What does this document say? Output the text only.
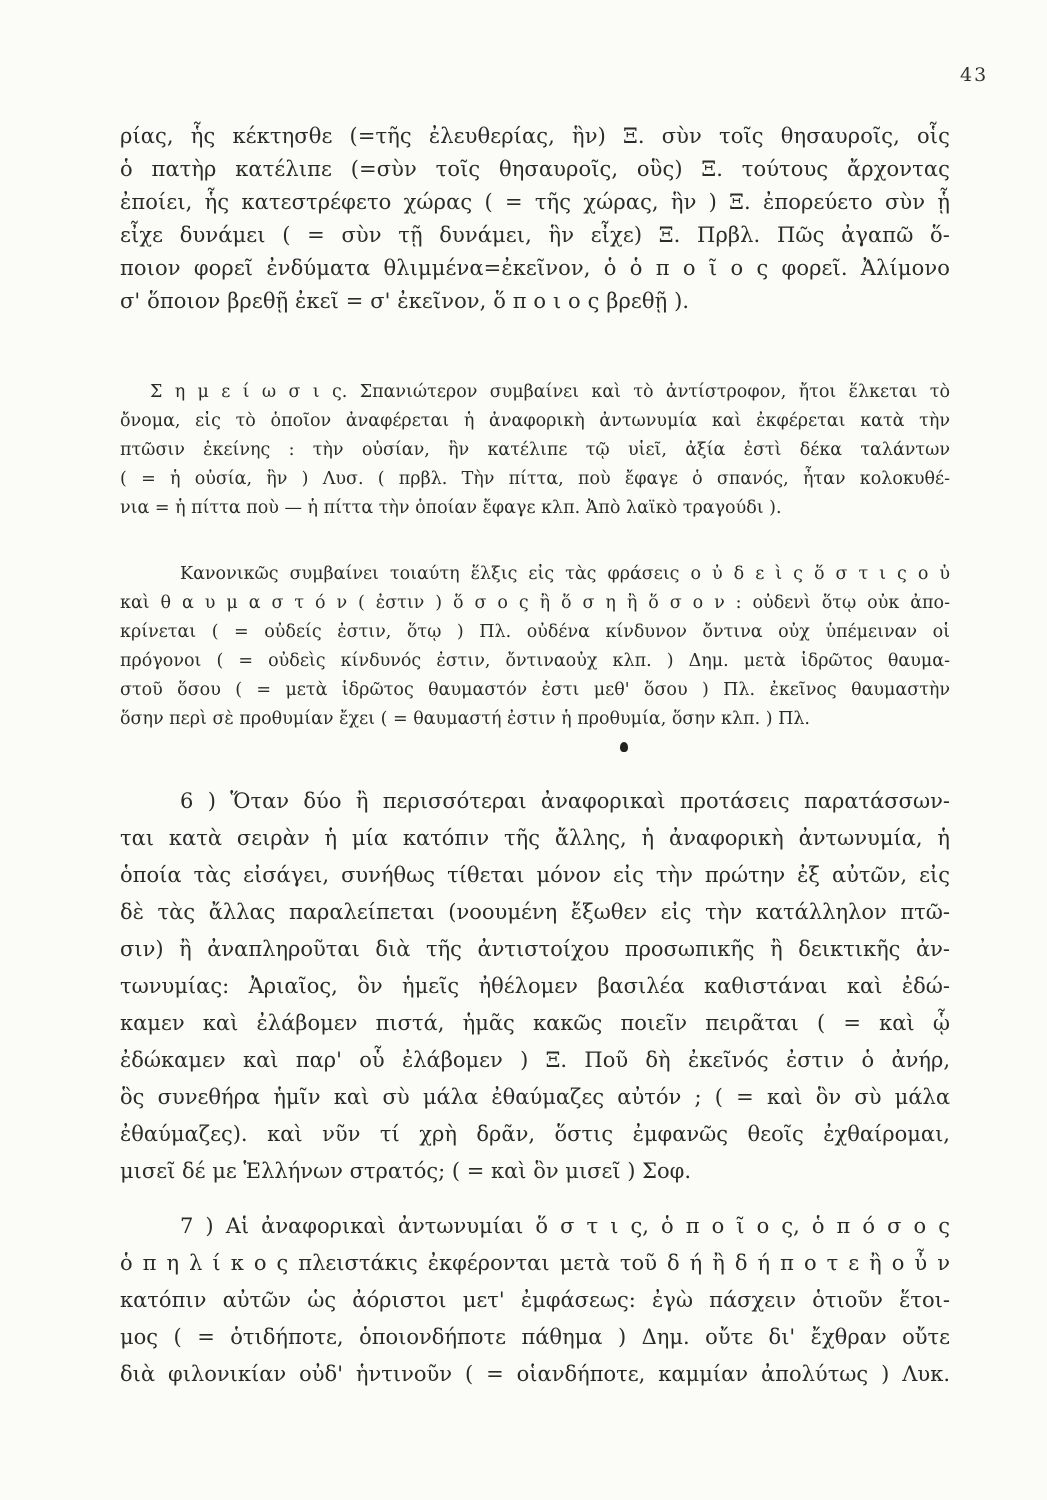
43
ρίας, ἧς κέκτησθε (=τῆς ἐλευθερίας, ἣν) Ξ. σὺν τοῖς θησαυροῖς, οἷς
ὁ πατὴρ κατέλιπε (=σὺν τοῖς θησαυροῖς, οὓς) Ξ. τούτους ἄρχοντας
ἐποίει, ἧς κατεστρέφετο χώρας ( = τῆς χώρας, ἣν ) Ξ. ἐπορεύετο σὺν ᾗ
εἶχε δυνάμει ( = σὺν τῇ δυνάμει, ἣν εἶχε) Ξ. Πρβλ. Πῶς ἀγαπῶ ὅ-
ποιον φορεῖ ἐνδύματα θλιμμένα=ἐκεῖνον, ὁ ὁ π ο ῖ ο ς φορεῖ. Ἀλίμονο
σ' ὅποιον βρεθῇ ἐκεῖ = σ' ἐκεῖνον, ὅ π ο ι ο ς βρεθῇ ).
Σ η μ ε ί ω σ ι ς. Σπανιώτερον συμβαίνει καὶ τὸ ἀντίστροφον, ἤτοι ἕλκεται τὸ
ὄνομα, εἰς τὸ ὁποῖον ἀναφέρεται ἡ ἀναφορικὴ ἀντωνυμία καὶ ἐκφέρεται κατὰ τὴν
πτῶσιν ἐκείνης : τὴν οὐσίαν, ἣν κατέλιπε τῷ υἱεῖ, ἀξία ἐστὶ δέκα ταλάντων
( = ἡ οὐσία, ἣν ) Λυσ. ( πρβλ. Τὴν πίττα, ποὺ ἔφαγε ὁ σπανός, ἦταν κολοκυθέ-
νια = ἡ πίττα ποὺ — ἡ πίττα τὴν ὁποίαν ἔφαγε κλπ. Ἀπὸ λαϊκὸ τραγούδι ).
Κανονικῶς συμβαίνει τοιαύτη ἕλξις εἰς τὰς φράσεις ο ὐ δ ε ὶ ς ὅ σ τ ι ς ο ὐ
καὶ θ α υ μ α σ τ ό ν ( ἐστιν ) ὅ σ ο ς ἢ ὅ σ η ἢ ὅ σ ο ν : οὐδενὶ ὅτῳ οὐκ ἀπο-
κρίνεται ( = οὐδείς ἐστιν, ὅτῳ ) Πλ. οὐδένα κίνδυνον ὄντινα οὐχ ὑπέμειναν οἱ
πρόγονοι ( = οὐδεὶς κίνδυνός ἐστιν, ὄντιναοὐχ κλπ. ) Δημ. μετὰ ἱδρῶτος θαυμα-
στοῦ ὅσου ( = μετὰ ἱδρῶτος θαυμαστόν ἐστι μεθ' ὅσου ) Πλ. ἐκεῖνος θαυμαστὴν
ὅσην περὶ σὲ προθυμίαν ἔχει ( = θαυμαστή ἐστιν ἡ προθυμία, ὅσην κλπ. ) Πλ.
6 ) Ὅταν δύο ἢ περισσότεραι ἀναφορικαὶ προτάσεις παρατάσσων-
ται κατὰ σειρὰν ἡ μία κατόπιν τῆς ἄλλης, ἡ ἀναφορικὴ ἀντωνυμία, ἡ
ὁποία τὰς εἰσάγει, συνήθως τίθεται μόνον εἰς τὴν πρώτην ἐξ αὐτῶν, εἰς
δὲ τὰς ἄλλας παραλείπεται (νοουμένη ἔξωθεν εἰς τὴν κατάλληλον πτῶ-
σιν) ἢ ἀναπληροῦται διὰ τῆς ἀντιστοίχου προσωπικῆς ἢ δεικτικῆς ἀν-
τωνυμίας: Ἀριαῖος, ὃν ἡμεῖς ἠθέλομεν βασιλέα καθιστάναι καὶ ἐδώ-
καμεν καὶ ἐλάβομεν πιστά, ἡμᾶς κακῶς ποιεῖν πειρᾶται ( = καὶ ᾧ
ἐδώκαμεν καὶ παρ' οὗ ἐλάβομεν ) Ξ. Ποῦ δὴ ἐκεῖνός ἐστιν ὁ ἀνήρ,
ὃς συνεθήρα ἡμῖν καὶ σὺ μάλα ἐθαύμαζες αὐτόν ; ( = καὶ ὃν σὺ μάλα
ἐθαύμαζες). καὶ νῦν τί χρὴ δρᾶν, ὅστις ἐμφανῶς θεοῖς ἐχθαίρομαι,
μισεῖ δέ με Ἑλλήνων στρατός; ( = καὶ ὃν μισεῖ ) Σοφ.
7 ) Αἱ ἀναφορικαὶ ἀντωνυμίαι ὅ σ τ ι ς, ὁ π ο ῖ ο ς, ὁ π ό σ ο ς
ὁ π η λ ί κ ο ς πλειστάκις ἐκφέρονται μετὰ τοῦ δ ή ἢ δ ή π ο τ ε ἢ ο ὖ ν
κατόπιν αὐτῶν ὡς ἀόριστοι μετ' ἐμφάσεως: ἐγὼ πάσχειν ὁτιοῦν ἕτοι-
μος ( = ὁτιδήποτε, ὁποιονδήποτε πάθημα ) Δημ. οὔτε δι' ἔχθραν οὔτε
διὰ φιλονικίαν οὐδ' ἡντινοῦν ( = οἱανδήποτε, καμμίαν ἀπολύτως ) Λυκ.
